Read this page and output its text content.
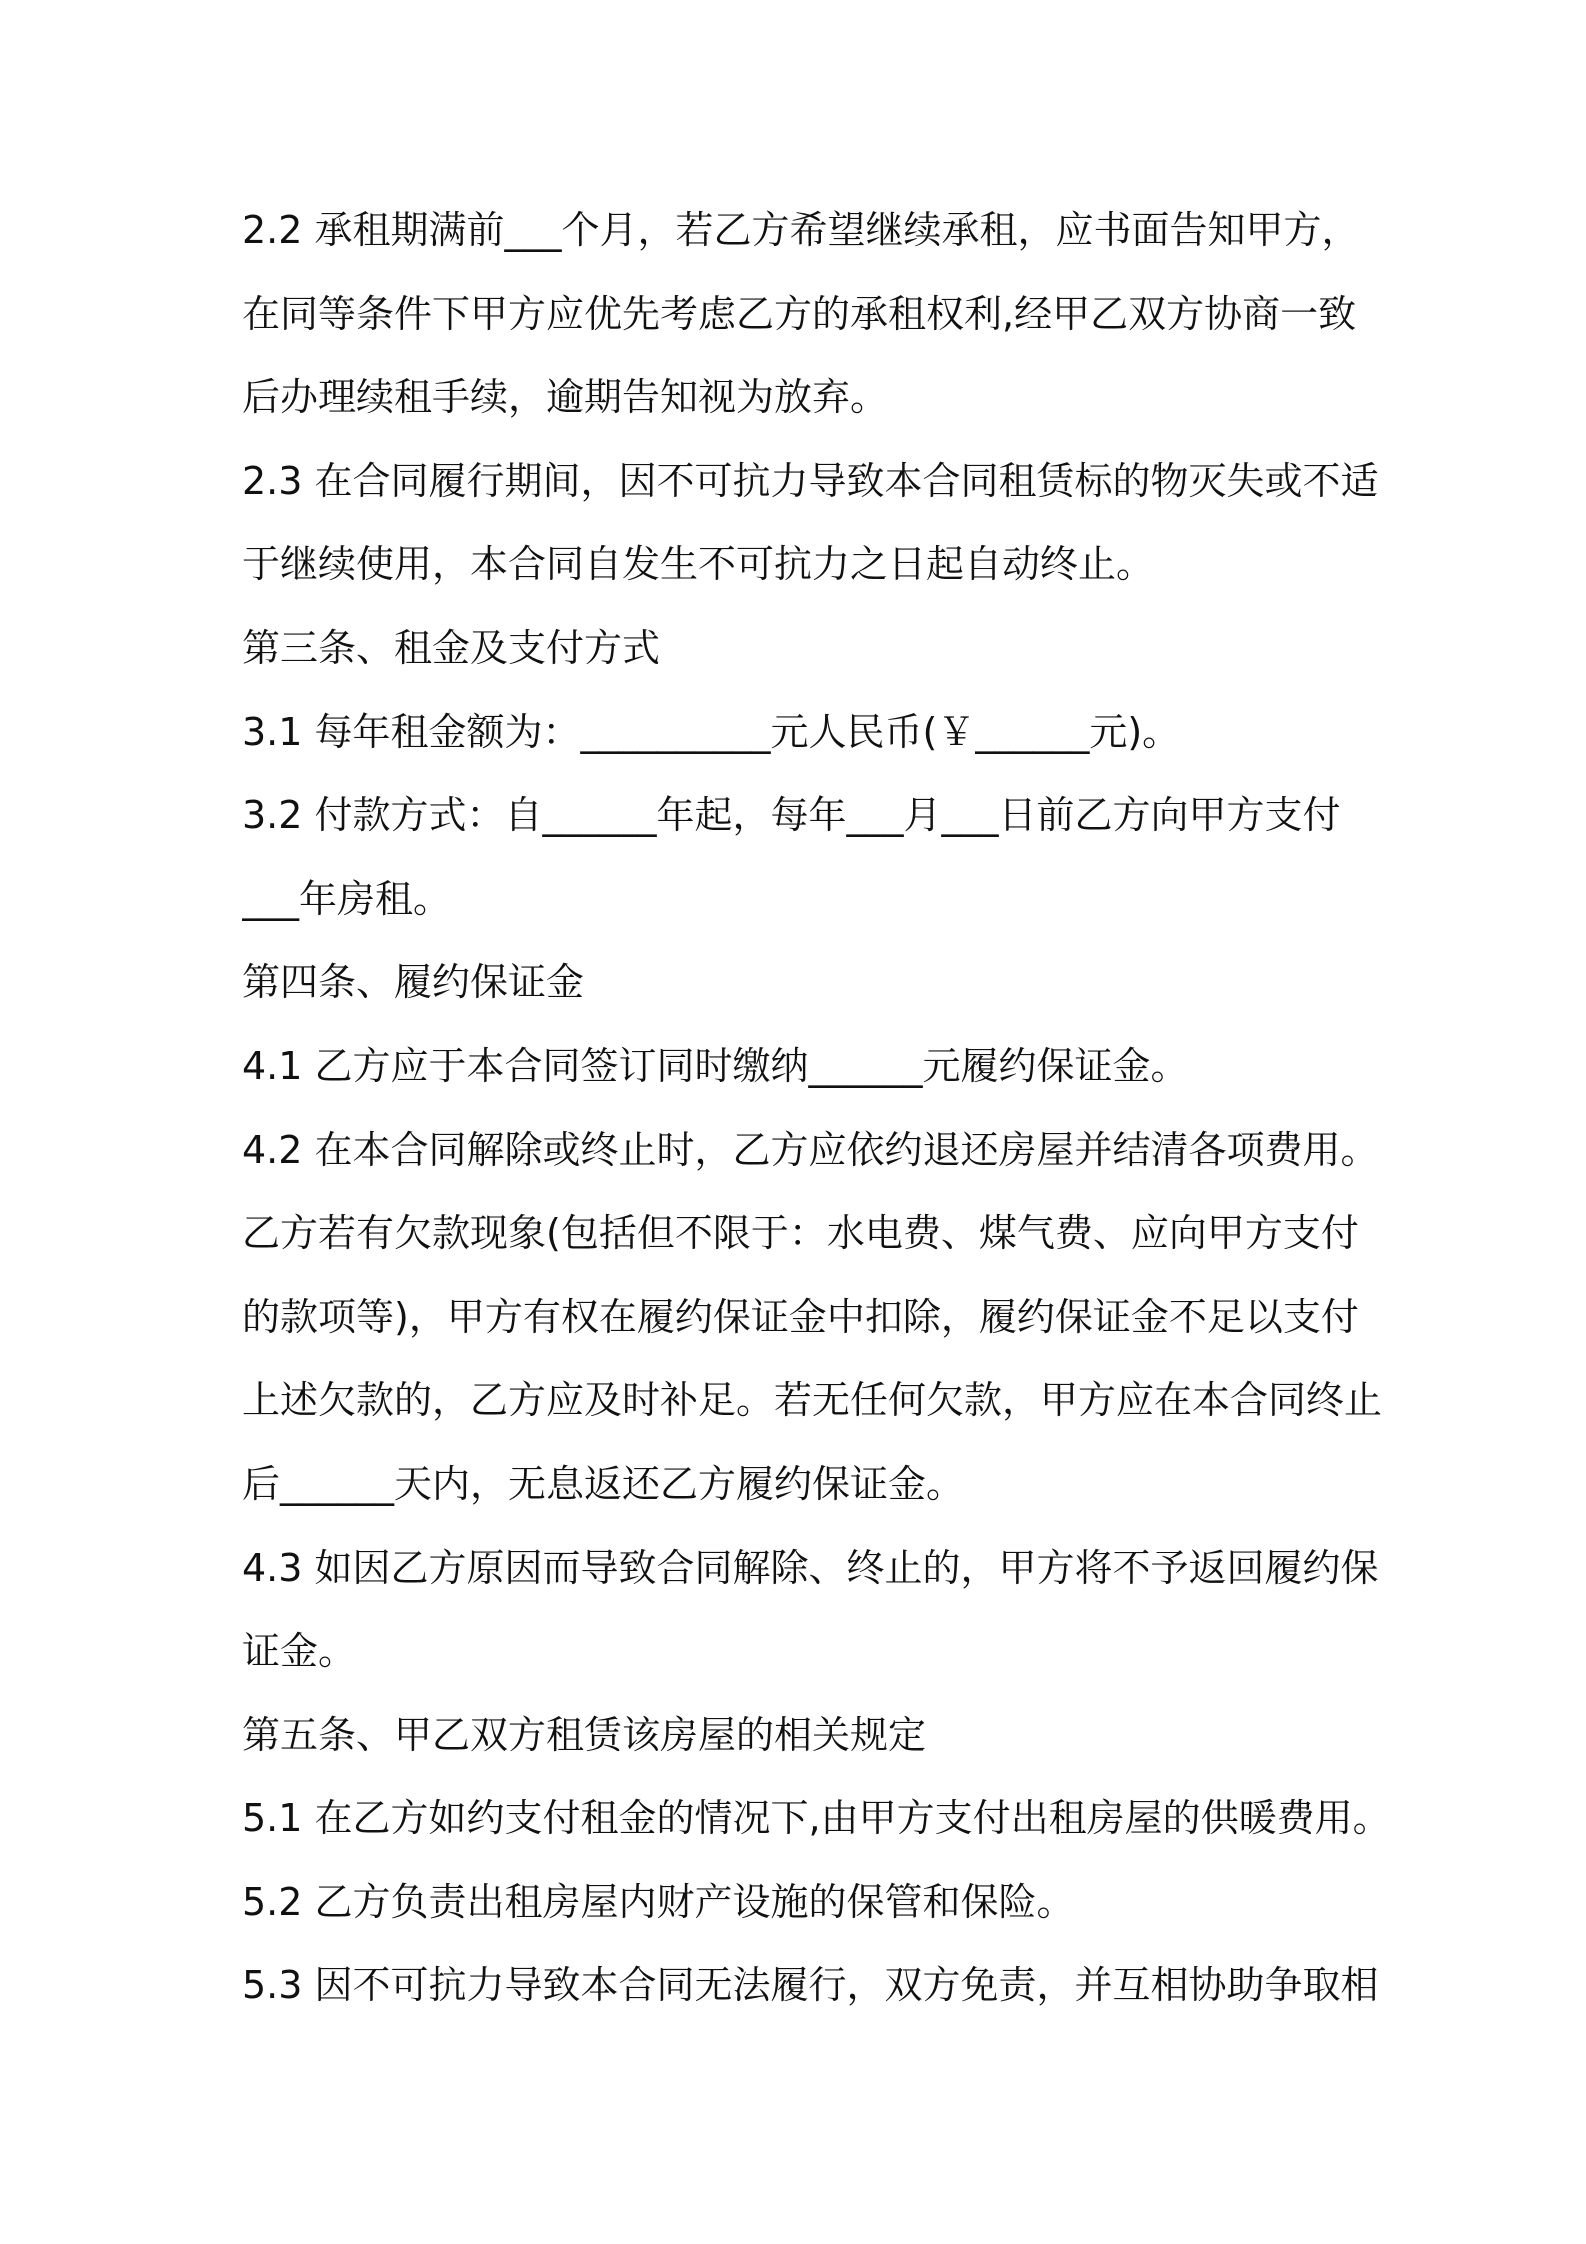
2.2 承租期满前___个月，若乙方希望继续承租，应书面告知甲方，
在同等条件下甲方应优先考虑乙方的承租权利,经甲乙双方协商一致
后办理续租手续，逾期告知视为放弃。
2.3 在合同履行期间，因不可抗力导致本合同租赁标的物灭失或不适
于继续使用，本合同自发生不可抗力之日起自动终止。
第三条、租金及支付方式
3.1 每年租金额为：__________元人民币(￥______元)。
3.2 付款方式：自______年起，每年___月___日前乙方向甲方支付
___年房租。
第四条、履约保证金
4.1 乙方应于本合同签订同时缴纳______元履约保证金。
4.2 在本合同解除或终止时，乙方应依约退还房屋并结清各项费用。
乙方若有欠款现象(包括但不限于：水电费、煤气费、应向甲方支付
的款项等)，甲方有权在履约保证金中扣除，履约保证金不足以支付
上述欠款的，乙方应及时补足。若无任何欠款，甲方应在本合同终止
后______天内，无息返还乙方履约保证金。
4.3 如因乙方原因而导致合同解除、终止的，甲方将不予返回履约保
证金。
第五条、甲乙双方租赁该房屋的相关规定
5.1 在乙方如约支付租金的情况下,由甲方支付出租房屋的供暖费用。
5.2 乙方负责出租房屋内财产设施的保管和保险。
5.3 因不可抗力导致本合同无法履行，双方免责，并互相协助争取相
